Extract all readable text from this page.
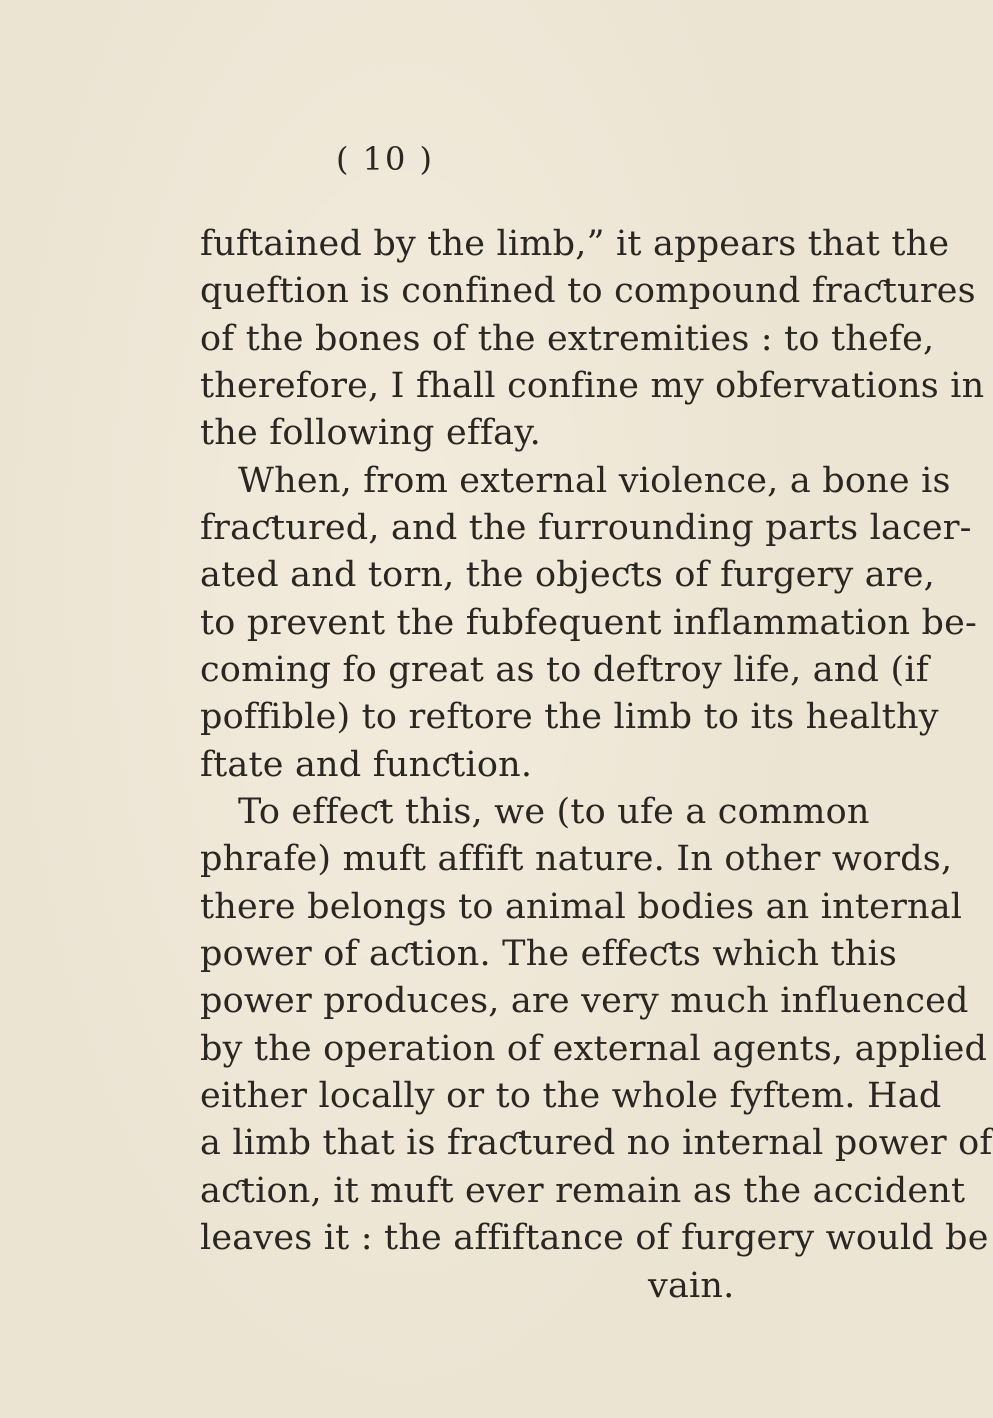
( 10 )
fuftained by the limb,” it appears that the
queftion is confined to compound fraƈtures
of the bones of the extremities : to thefe,
therefore, I fhall confine my obfervations in
the following effay.
When, from external violence, a bone is
fraƈtured, and the furrounding parts lacer-
ated and torn, the objeƈts of furgery are,
to prevent the fubfequent inflammation be-
coming fo great as to deftroy life, and (if
poffible) to reftore the limb to its healthy
ftate and funƈtion.
To effeƈt this, we (to ufe a common
phrafe) muft affift nature. In other words,
there belongs to animal bodies an internal
power of aƈtion. The effeƈts which this
power produces, are very much influenced
by the operation of external agents, applied
either locally or to the whole fyftem. Had
a limb that is fraƈtured no internal power of
aƈtion, it muft ever remain as the accident
leaves it : the affiftance of furgery would be
vain.
